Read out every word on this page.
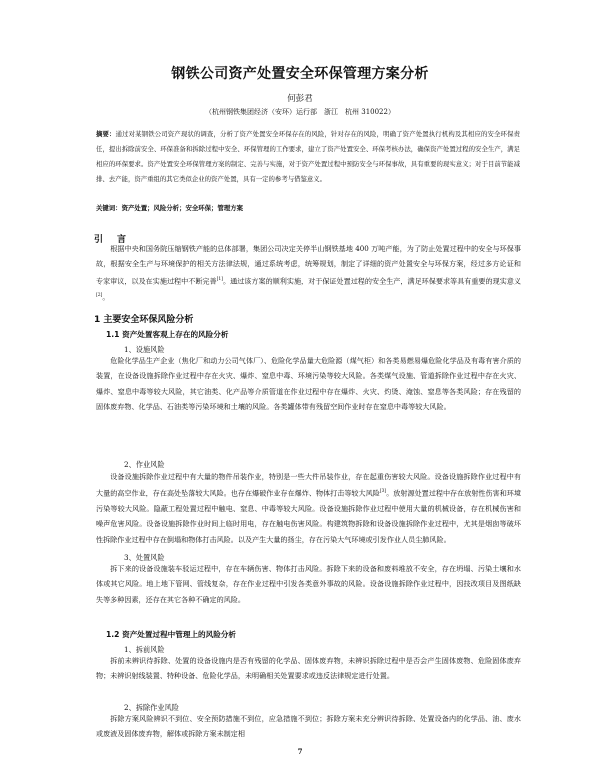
钢铁公司资产处置安全环保管理方案分析
何彭君
（杭州钢铁集团经济（安环）运行部　浙江　杭州 310022）
摘要：通过对某钢铁公司资产现状的调查，分析了资产处置安全环保存在的风险，针对存在的风险，明确了资产处置执行机构及其相应的安全环保责任，提出拆除前安全、环保准备和拆除过程中安全、环保管理的工作要求，建立了资产处置安全、环保考核办法，确保资产处置过程的安全生产，满足相应的环保要求。资产处置安全环保管理方案的制定、完善与实施，对于资产处置过程中预防安全与环保事故，具有重要的现实意义；对于目前节能减排、去产能，资产重组的其它类似企业的资产处置，具有一定的参考与借鉴意义。
关键词：资产处置；风险分析；安全环保；管理方案
引言
根据中央和国务院压缩钢铁产能的总体部署，集团公司决定关停半山钢铁基地 400 万吨产能，为了防止处置过程中的安全与环保事故，根据安全生产与环境保护的相关方法律法规，通过系统考虑，统筹规划，制定了详细的资产处置安全与环保方案，经过多方论证和专家审议，以及在实施过程中不断完善[1]。通过该方案的顺利实施，对于保证处置过程的安全生产，满足环保要求等具有重要的现实意义[2]。
1 主要安全环保风险分析
1.1 资产处置客观上存在的风险分析
1、设施风险
危险化学品生产企业（焦化厂和动力公司气体厂）、危险化学品量大危险源（煤气柜）和各类易燃易爆危险化学品及有毒有害介质的装置，在设备设施拆除作业过程中存在火灾、爆炸、窒息中毒、环境污染等较大风险。各类煤气设施、管道拆除作业过程中存在火灾、爆炸、窒息中毒等较大风险，其它油类、化产品等介质管道在作业过程中存在爆炸、火灾、灼烫、淹蚀、窒息等各类风险；存在残留的固体废弃物、化学品、石油类等污染环境和土壤的风险。各类罐体带有残留空间作业时存在窒息中毒等较大风险。
2、作业风险
设备设施拆除作业过程中有大量的物件吊装作业，特别是一些大件吊装作业，存在起重伤害较大风险。设备设施拆除作业过程中有大量的高空作业，存在高处坠落较大风险。也存在爆破作业存在爆炸、物体打击等较大风险[3]。放射源处置过程中存在放射性伤害和环境污染等较大风险。隐蔽工程处置过程中触电、窒息、中毒等较大风险。设备设施拆除作业过程中使用大量的机械设备，存在机械伤害和噪声危害风险。设备设施拆除作业时间上临时用电，存在触电伤害风险。构建筑物拆除和设备设施拆除作业过程中，尤其是烟囱等破坏性拆除作业过程中存在倒塌和物体打击风险。以及产生大量的扬尘，存在污染大气环境或引发作业人员尘肺风险。
3、处置风险
拆下来的设备设施装车驳运过程中，存在车辆伤害、物体打击风险。拆除下来的设备和废料堆放不安全，存在坍塌、污染土壤和水体或其它风险。地上地下管网、管线复杂，存在作业过程中引发各类意外事故的风险。设备设施拆除作业过程中，因技改项目及图纸缺失等多种因素，还存在其它各种不确定的风险。
1.2 资产处置过程中管理上的风险分析
1、拆前风险
拆前未辨识待拆除、处置的设备设施内是否有残留的化学品、固体废弃物，未辨识拆除过程中是否会产生固体废物、危险固体废弃物；未辨识射线装置、特种设备、危险化学品，未明确相关处置要求或违反法律规定进行处置。
2、拆除作业风险
拆除方案风险辨识不到位、安全预防措施不到位，应急措施不到位；拆除方案未充分辨识待拆除、处置设备内的化学品、油、废水或废液及固体废弃物，解体或拆除方案未制定相
7
